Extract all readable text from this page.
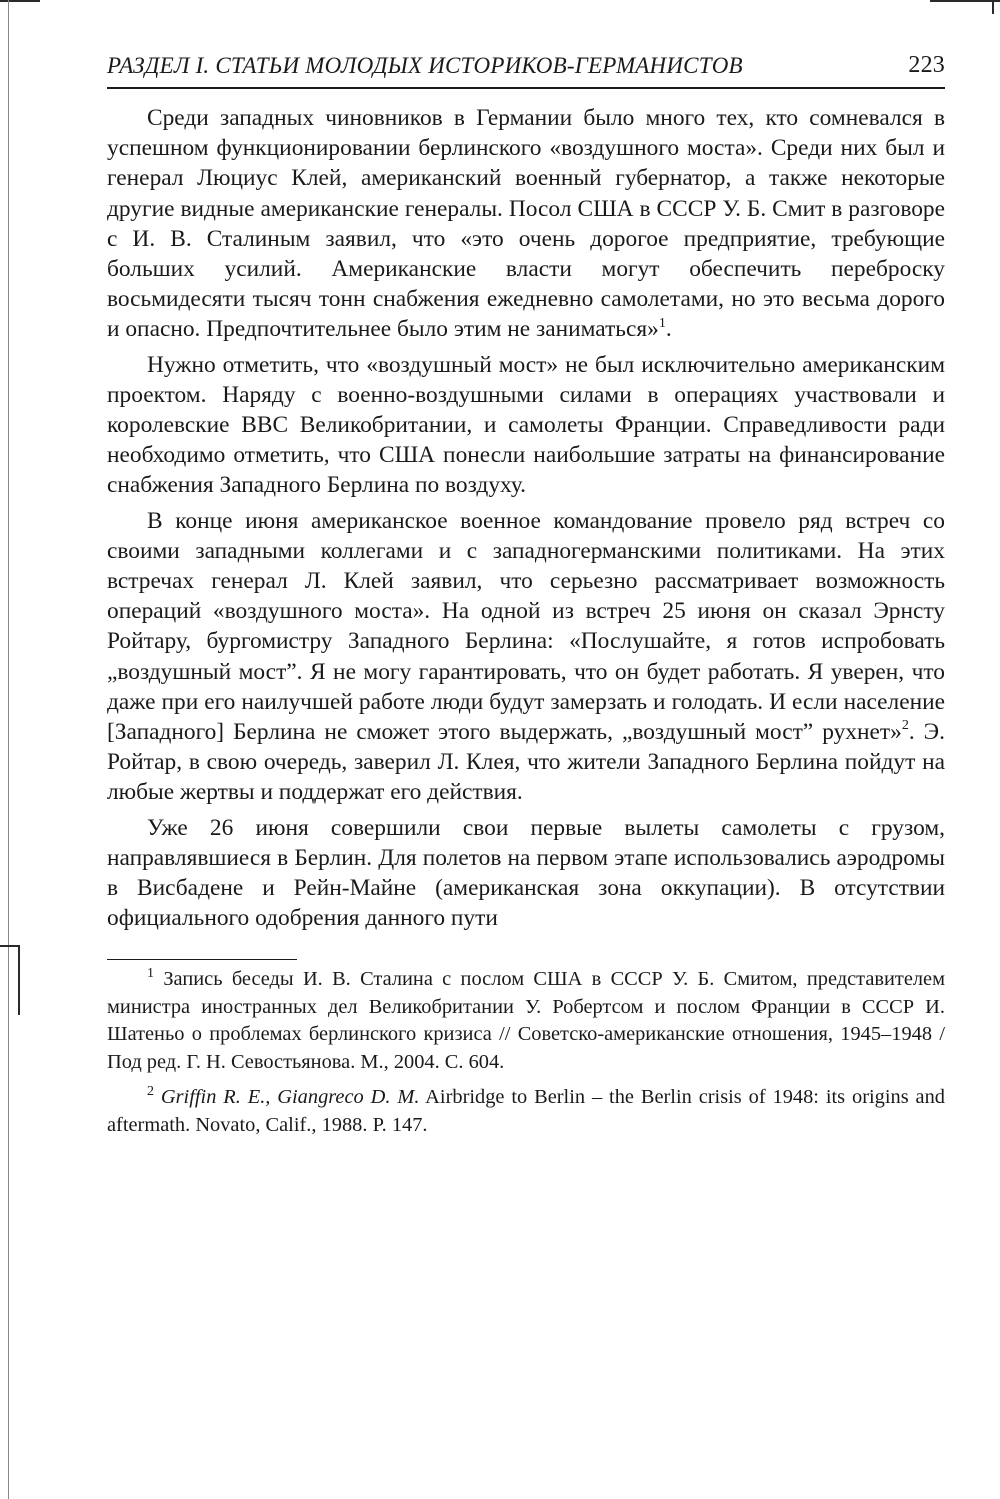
РАЗДЕЛ I. СТАТЬИ МОЛОДЫХ ИСТОРИКОВ-ГЕРМАНИСТОВ	223

Среди западных чиновников в Германии было много тех, кто сомневался в успешном функционировании берлинского «воздушного моста». Среди них был и генерал Люциус Клей, американский военный губернатор, а также некоторые другие видные американские генералы. Посол США в СССР У. Б. Смит в разговоре с И. В. Сталиным заявил, что «это очень дорогое предприятие, требующие больших усилий. Американские власти могут обеспечить переброску восьмидесяти тысяч тонн снабжения ежедневно самолетами, но это весьма дорого и опасно. Предпочтительнее было этим не заниматься»$^1$.

Нужно отметить, что «воздушный мост» не был исключительно американским проектом. Наряду с военно-воздушными силами в операциях участвовали и королевские ВВС Великобритании, и самолеты Франции. Справедливости ради необходимо отметить, что США понесли наибольшие затраты на финансирование снабжения Западного Берлина по воздуху.

В конце июня американское военное командование провело ряд встреч со своими западными коллегами и с западногерманскими политиками. На этих встречах генерал Л. Клей заявил, что серьезно рассматривает возможность операций «воздушного моста». На одной из встреч 25 июня он сказал Эрнсту Ройтару, бургомистру Западного Берлина: «Послушайте, я готов испробовать „воздушный мост”. Я не могу гарантировать, что он будет работать. Я уверен, что даже при его наилучшей работе люди будут замерзать и голодать. И если население [Западного] Берлина не сможет этого выдержать, „воздушный мост” рухнет»$^2$. Э. Ройтар, в свою очередь, заверил Л. Клея, что жители Западного Берлина пойдут на любые жертвы и поддержат его действия.

Уже 26 июня совершили свои первые вылеты самолеты с грузом, направлявшиеся в Берлин. Для полетов на первом этапе использовались аэродромы в Висбадене и Рейн-Майне (американская зона оккупации). В отсутствии официального одобрения данного пути

$^1$ Запись беседы И. В. Сталина с послом США в СССР У. Б. Смитом, представителем министра иностранных дел Великобритании У. Робертсом и послом Франции в СССР И. Шатеньо о проблемах берлинского кризиса // Советско-американские отношения, 1945–1948 / Под ред. Г. Н. Севостьянова. М., 2004. С. 604.

$^2$ Griffin R. E., Giangreco D. M. Airbridge to Berlin – the Berlin crisis of 1948: its origins and aftermath. Novato, Calif., 1988. P. 147.
